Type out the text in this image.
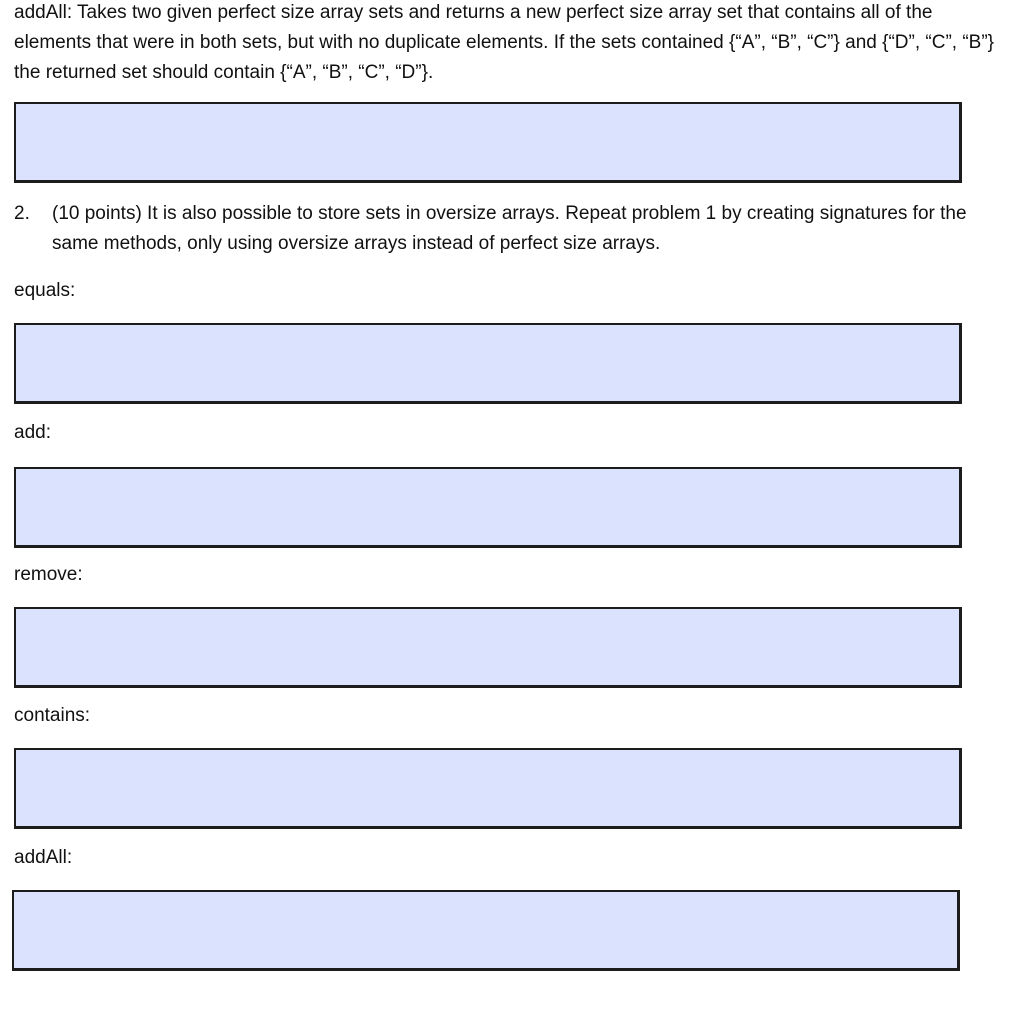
addAll: Takes two given perfect size array sets and returns a new perfect size array set that contains all of the elements that were in both sets, but with no duplicate elements. If the sets contained {“A”, “B”, “C”} and {“D”, “C”, “B”} the returned set should contain {“A”, “B”, “C”, “D”}.

2.	(10 points) It is also possible to store sets in oversize arrays. Repeat problem 1 by creating signatures for the same methods, only using oversize arrays instead of perfect size arrays.

equals:

add:

remove:

contains:

addAll:
